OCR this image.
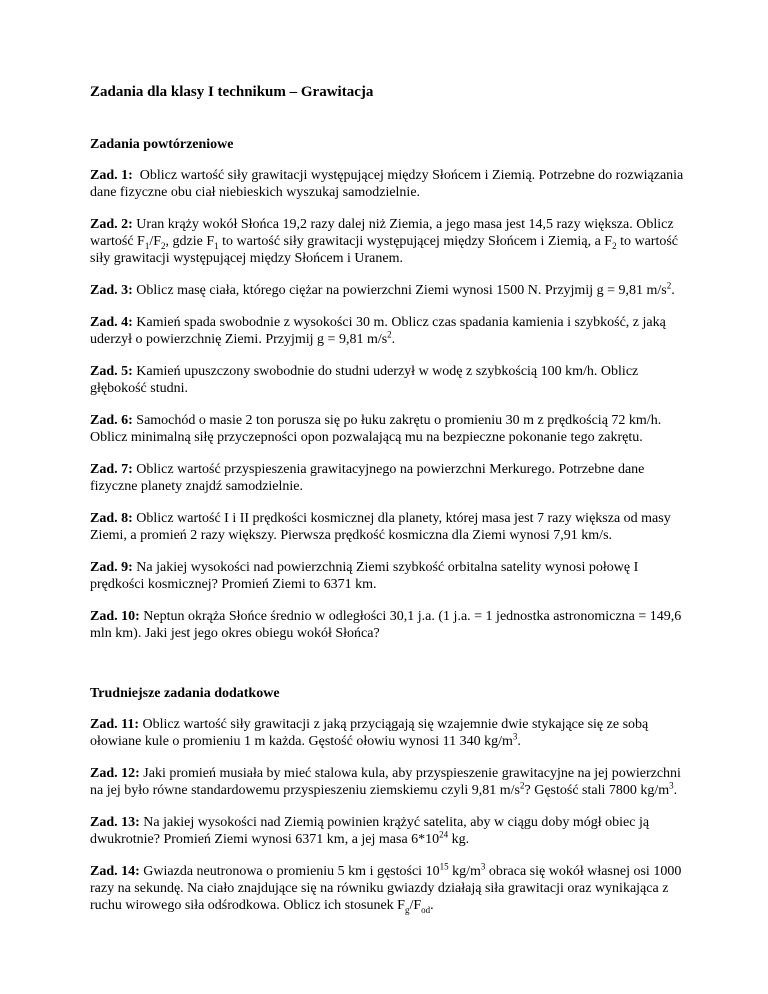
Zadania dla klasy I technikum – Grawitacja

Zadania powtórzeniowe

Zad. 1: Oblicz wartość siły grawitacji występującej między Słońcem i Ziemią. Potrzebne do rozwiązania dane fizyczne obu ciał niebieskich wyszukaj samodzielnie.

Zad. 2: Uran krąży wokół Słońca 19,2 razy dalej niż Ziemia, a jego masa jest 14,5 razy większa. Oblicz wartość $F_1/F_2$, gdzie $F_1$ to wartość siły grawitacji występującej między Słońcem i Ziemią, a $F_2$ to wartość siły grawitacji występującej między Słońcem i Uranem.

Zad. 3: Oblicz masę ciała, którego ciężar na powierzchni Ziemi wynosi 1500 N. Przyjmij g = 9,81 $m/s^2$.

Zad. 4: Kamień spada swobodnie z wysokości 30 m. Oblicz czas spadania kamienia i szybkość, z jaką uderzył o powierzchnię Ziemi. Przyjmij g = 9,81 $m/s^2$.

Zad. 5: Kamień upuszczony swobodnie do studni uderzył w wodę z szybkością 100 km/h. Oblicz głębokość studni.

Zad. 6: Samochód o masie 2 ton porusza się po łuku zakrętu o promieniu 30 m z prędkością 72 km/h. Oblicz minimalną siłę przyczepności opon pozwalającą mu na bezpieczne pokonanie tego zakrętu.

Zad. 7: Oblicz wartość przyspieszenia grawitacyjnego na powierzchni Merkurego. Potrzebne dane fizyczne planety znajdź samodzielnie.

Zad. 8: Oblicz wartość I i II prędkości kosmicznej dla planety, której masa jest 7 razy większa od masy Ziemi, a promień 2 razy większy. Pierwsza prędkość kosmiczna dla Ziemi wynosi 7,91 km/s.

Zad. 9: Na jakiej wysokości nad powierzchnią Ziemi szybkość orbitalna satelity wynosi połowę I prędkości kosmicznej? Promień Ziemi to 6371 km.

Zad. 10: Neptun okrąża Słońce średnio w odległości 30,1 j.a. (1 j.a. = 1 jednostka astronomiczna = 149,6 mln km). Jaki jest jego okres obiegu wokół Słońca?

Trudniejsze zadania dodatkowe

Zad. 11: Oblicz wartość siły grawitacji z jaką przyciągają się wzajemnie dwie stykające się ze sobą ołowiane kule o promieniu 1 m każda. Gęstość ołowiu wynosi 11 340 $kg/m^3$.

Zad. 12: Jaki promień musiała by mieć stalowa kula, aby przyspieszenie grawitacyjne na jej powierzchni na jej było równe standardowemu przyspieszeniu ziemskiemu czyli 9,81 $m/s^2$? Gęstość stali 7800 $kg/m^3$.

Zad. 13: Na jakiej wysokości nad Ziemią powinien krążyć satelita, aby w ciągu doby mógł obiec ją dwukrotnie? Promień Ziemi wynosi 6371 km, a jej masa $6*10^{24}$ kg.

Zad. 14: Gwiazda neutronowa o promieniu 5 km i gęstości $10^{15}$ $kg/m^3$ obraca się wokół własnej osi 1000 razy na sekundę. Na ciało znajdujące się na równiku gwiazdy działają siła grawitacji oraz wynikająca z ruchu wirowego siła odśrodkowa. Oblicz ich stosunek $F_g/F_{od}$.
